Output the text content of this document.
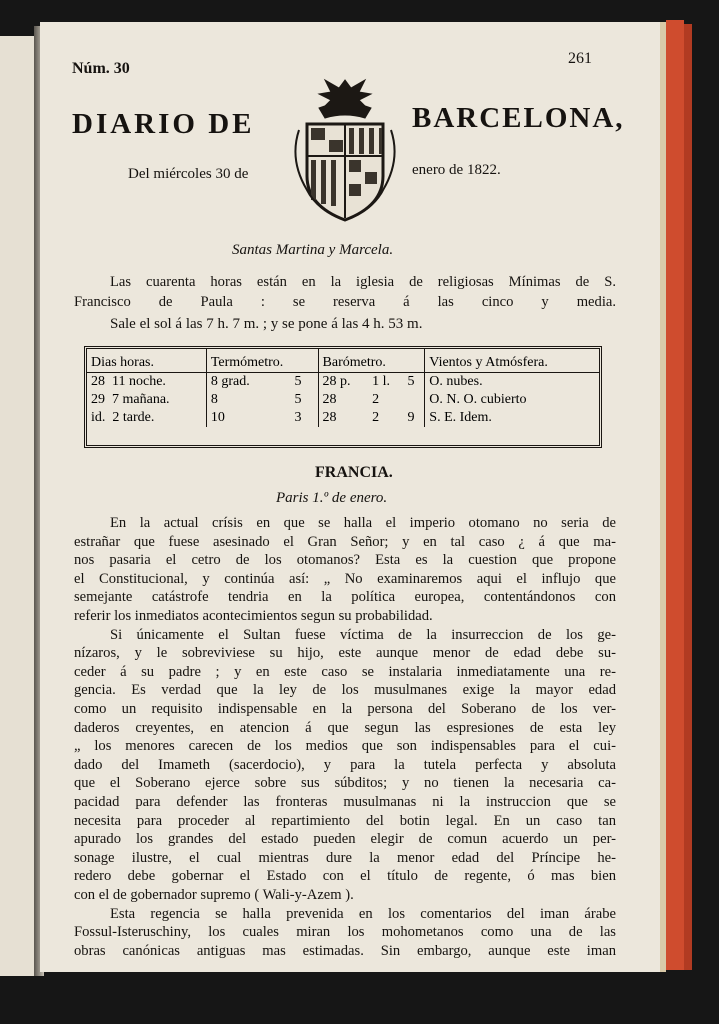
Núm. 30
261
DIARIO DE	BARCELONA,
Del miércoles 30 de	enero de 1822.
Santas Martina y Marcela.
Las cuarenta horas están en la iglesia de religiosas Mínimas de S.
Francisco de Paula : se reserva á las cinco y media.
Sale el sol á las 7 h. 7 m. ; y se pone á las 4 h. 53 m.
Dias horas.	Termómetro.		Barómetro.			Vientos y Atmósfera.
28 11 noche.	8 grad.	5	28 p.	1 l.	5	O. nubes.
29 7 mañana.	8	5	28	2		O. N. O. cubierto
id. 2 tarde.	10	3	28	2	9	S. E. Idem.
FRANCIA.
Paris 1.º de enero.
En la actual crísis en que se halla el imperio otomano no seria de
estrañar que fuese asesinado el Gran Señor; y en tal caso ¿ á que ma-
nos pasaria el cetro de los otomanos? Esta es la cuestion que propone
el Constitucional, y continúa así: „ No examinaremos aqui el influjo que
semejante catástrofe tendria en la política europea, contentándonos con
referir los inmediatos acontecimientos segun su probabilidad.
Si únicamente el Sultan fuese víctima de la insurreccion de los ge-
nízaros, y le sobreviviese su hijo, este aunque menor de edad debe su-
ceder á su padre ; y en este caso se instalaria inmediatamente una re-
gencia. Es verdad que la ley de los musulmanes exige la mayor edad
como un requisito indispensable en la persona del Soberano de los ver-
daderos creyentes, en atencion á que segun las espresiones de esta ley
„ los menores carecen de los medios que son indispensables para el cui-
dado del Imameth (sacerdocio), y para la tutela perfecta y absoluta
que el Soberano ejerce sobre sus súbditos; y no tienen la necesaria ca-
pacidad para defender las fronteras musulmanas ni la instruccion que se
necesita para proceder al repartimiento del botin legal. En un caso tan
apurado los grandes del estado pueden elegir de comun acuerdo un per-
sonage ilustre, el cual mientras dure la menor edad del Príncipe he-
redero debe gobernar el Estado con el título de regente, ó mas bien
con el de gobernador supremo ( Wali-y-Azem ).
Esta regencia se halla prevenida en los comentarios del iman árabe
Fossul-Isteruschiny, los cuales miran los mohometanos como una de las
obras canónicas antiguas mas estimadas. Sin embargo, aunque este iman
